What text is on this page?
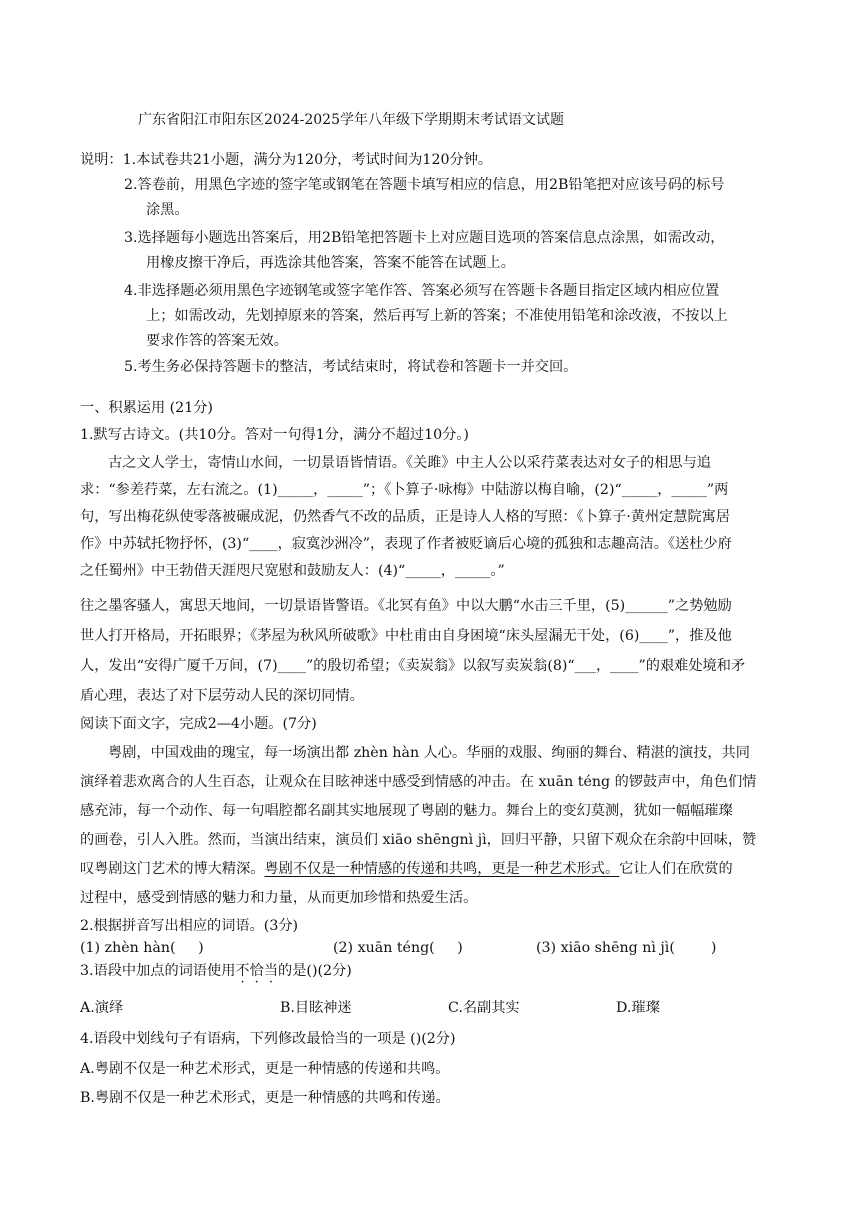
广东省阳江市阳东区2024-2025学年八年级下学期期末考试语文试题
说明：1.本试卷共21小题，满分为120分，考试时间为120分钟。
2.答卷前，用黑色字迹的签字笔或钢笔在答题卡填写相应的信息，用2B铅笔把对应该号码的标号
涂黑。
3.选择题每小题选出答案后，用2B铅笔把答题卡上对应题目选项的答案信息点涂黑，如需改动，
用橡皮擦干净后，再选涂其他答案，答案不能答在试题上。
4.非选择题必须用黑色字迹钢笔或签字笔作答、答案必须写在答题卡各题目指定区域内相应位置
上；如需改动，先划掉原来的答案，然后再写上新的答案；不准使用铅笔和涂改液，不按以上
要求作答的答案无效。
5.考生务必保持答题卡的整洁，考试结束时，将试卷和答题卡一并交回。
一、积累运用 (21分)
1.默写古诗文。(共10分。答对一句得1分，满分不超过10分。)
古之文人学士，寄情山水间，一切景语皆情语。《关雎》中主人公以采荇菜表达对女子的相思与追
求：“参差荇菜，左右流之。(1)_____，_____”；《卜算子·咏梅》中陆游以梅自喻，(2)“_____，_____”两
句，写出梅花纵使零落被碾成泥，仍然香气不改的品质，正是诗人人格的写照：《卜算子·黄州定慧院寓居
作》中苏轼托物抒怀，(3)“____，寂寞沙洲冷”，表现了作者被贬谪后心境的孤独和志趣高洁。《送杜少府
之任蜀州》中王勃借天涯咫尺宽慰和鼓励友人：(4)“_____，_____。”
往之墨客骚人，寓思天地间，一切景语皆警语。《北冥有鱼》中以大鹏“水击三千里，(5)______”之势勉励
世人打开格局，开拓眼界；《茅屋为秋风所破歌》中杜甫由自身困境“床头屋漏无干处，(6)____”，推及他
人，发出“安得广厦千万间，(7)____”的殷切希望；《卖炭翁》以叙写卖炭翁(8)“___，____”的艰难处境和矛
盾心理，表达了对下层劳动人民的深切同情。
阅读下面文字，完成2—4小题。(7分)
粤剧，中国戏曲的瑰宝，每一场演出都 zhèn hàn 人心。华丽的戏服、绚丽的舞台、精湛的演技，共同
演绎着悲欢离合的人生百态，让观众在目眩神迷中感受到情感的冲击。在 xuān téng 的锣鼓声中，角色们情
感充沛，每一个动作、每一句唱腔都名副其实地展现了粤剧的魅力。舞台上的变幻莫测，犹如一幅幅璀璨
的画卷，引人入胜。然而，当演出结束，演员们 xiāo shēngnì jì，回归平静，只留下观众在余韵中回味，赞
叹粤剧这门艺术的博大精深。粤剧不仅是一种情感的传递和共鸣，更是一种艺术形式。它让人们在欣赏的
过程中，感受到情感的魅力和力量，从而更加珍惜和热爱生活。
2.根据拼音写出相应的词语。(3分)
(1) zhèn hàn(     )	(2) xuān téng(     )	(3) xiāo shēng nì jì(        )
3.语段中加点的词语使用不恰当的是()(2分)
A.演绎	B.目眩神迷	C.名副其实	D.璀璨
4.语段中划线句子有语病，下列修改最恰当的一项是 ()(2分)
A.粤剧不仅是一种艺术形式，更是一种情感的传递和共鸣。
B.粤剧不仅是一种艺术形式，更是一种情感的共鸣和传递。
